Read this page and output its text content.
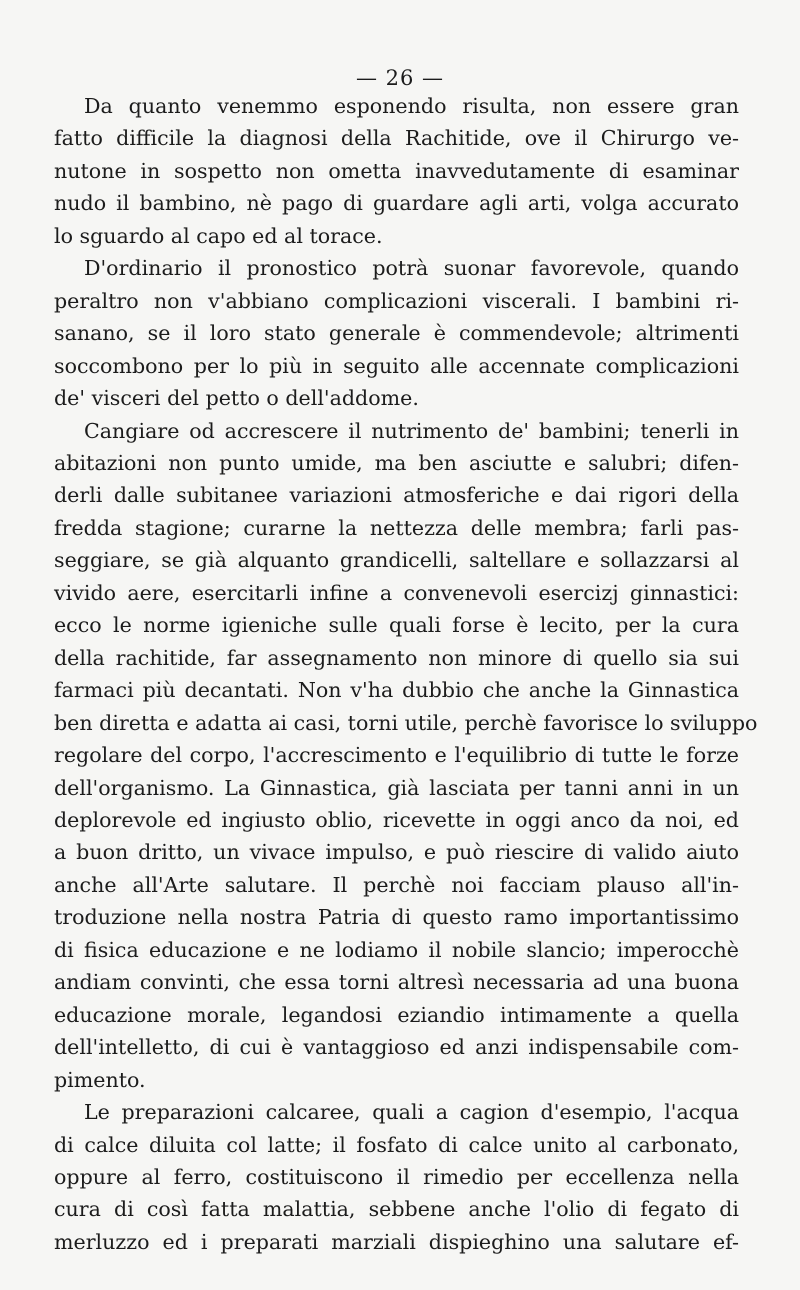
— 26 —
Da quanto venemmo esponendo risulta, non essere gran
fatto difficile la diagnosi della Rachitide, ove il Chirurgo ve-
nutone in sospetto non ometta inavvedutamente di esaminar
nudo il bambino, nè pago di guardare agli arti, volga accurato
lo sguardo al capo ed al torace.
D'ordinario il pronostico potrà suonar favorevole, quando
peraltro non v'abbiano complicazioni viscerali. I bambini ri-
sanano, se il loro stato generale è commendevole; altrimenti
soccombono per lo più in seguito alle accennate complicazioni
de' visceri del petto o dell'addome.
Cangiare od accrescere il nutrimento de' bambini; tenerli in
abitazioni non punto umide, ma ben asciutte e salubri; difen-
derli dalle subitanee variazioni atmosferiche e dai rigori della
fredda stagione; curarne la nettezza delle membra; farli pas-
seggiare, se già alquanto grandicelli, saltellare e sollazzarsi al
vivido aere, esercitarli infine a convenevoli esercizj ginnastici:
ecco le norme igieniche sulle quali forse è lecito, per la cura
della rachitide, far assegnamento non minore di quello sia sui
farmaci più decantati. Non v'ha dubbio che anche la Ginnastica
ben diretta e adatta ai casi, torni utile, perchè favorisce lo sviluppo
regolare del corpo, l'accrescimento e l'equilibrio di tutte le forze
dell'organismo. La Ginnastica, già lasciata per tanni anni in un
deplorevole ed ingiusto oblio, ricevette in oggi anco da noi, ed
a buon dritto, un vivace impulso, e può riescire di valido aiuto
anche all'Arte salutare. Il perchè noi facciam plauso all'in-
troduzione nella nostra Patria di questo ramo importantissimo
di fisica educazione e ne lodiamo il nobile slancio; imperocchè
andiam convinti, che essa torni altresì necessaria ad una buona
educazione morale, legandosi eziandio intimamente a quella
dell'intelletto, di cui è vantaggioso ed anzi indispensabile com-
pimento.
Le preparazioni calcaree, quali a cagion d'esempio, l'acqua
di calce diluita col latte; il fosfato di calce unito al carbonato,
oppure al ferro, costituiscono il rimedio per eccellenza nella
cura di così fatta malattia, sebbene anche l'olio di fegato di
merluzzo ed i preparati marziali dispieghino una salutare ef-
